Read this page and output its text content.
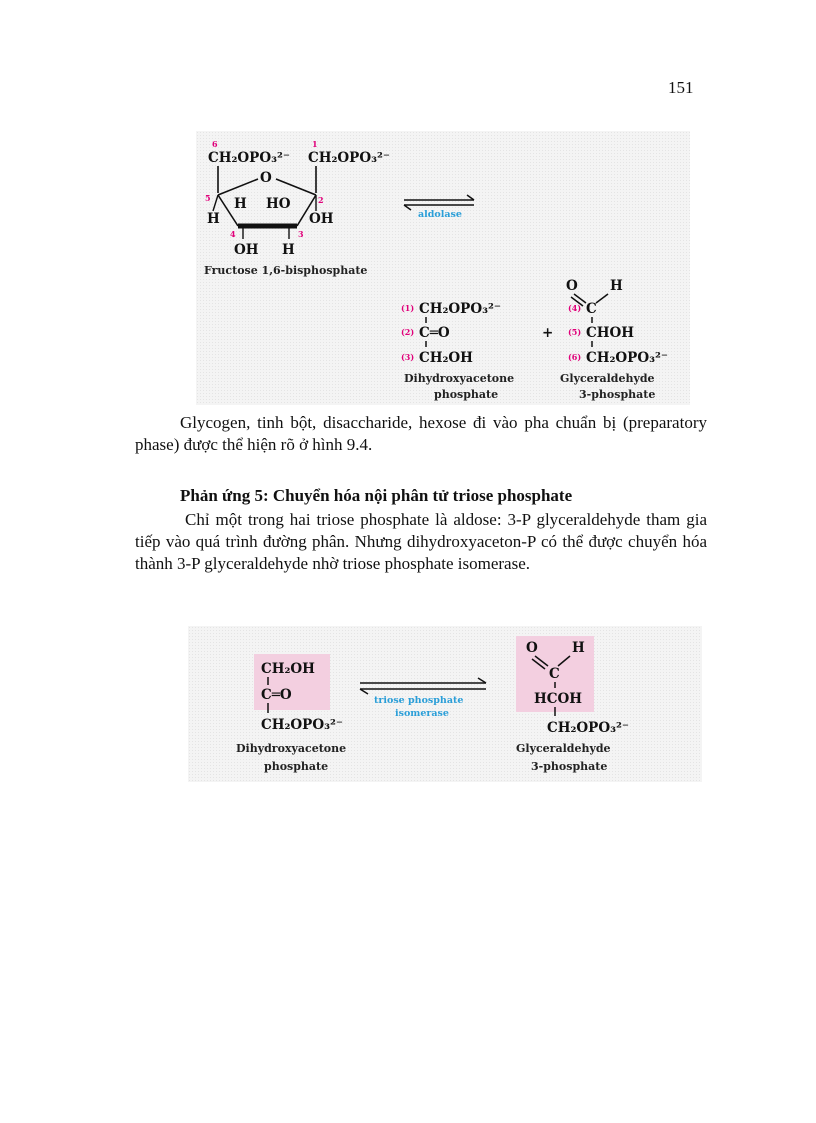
151
6	1
CH₂OPO₃²⁻ CH₂OPO₃²⁻
O
5	2
4	3
H HO
H	OH
OH H
Fructose 1,6-bisphosphate
aldolase
(1) CH₂OPO₃²⁻
(2) C═O
(3) CH₂OH
Dihydroxyacetone
phosphate
+
O H
(4) C
(5) CHOH
(6) CH₂OPO₃²⁻
Glyceraldehyde
3-phosphate

Glycogen, tinh bột, disaccharide, hexose đi vào pha chuẩn bị (preparatory phase) được thể hiện rõ ở hình 9.4.

Phản ứng 5: Chuyển hóa nội phân tử triose phosphate

Chỉ một trong hai triose phosphate là aldose: 3-P glyceraldehyde tham gia tiếp vào quá trình đường phân. Nhưng dihydroxyaceton-P có thể được chuyển hóa thành 3-P glyceraldehyde nhờ triose phosphate isomerase.

CH₂OH
C═O
CH₂OPO₃²⁻
Dihydroxyacetone
phosphate
triose phosphate
isomerase
O	H
C
HCOH
CH₂OPO₃²⁻
Glyceraldehyde
3-phosphate
